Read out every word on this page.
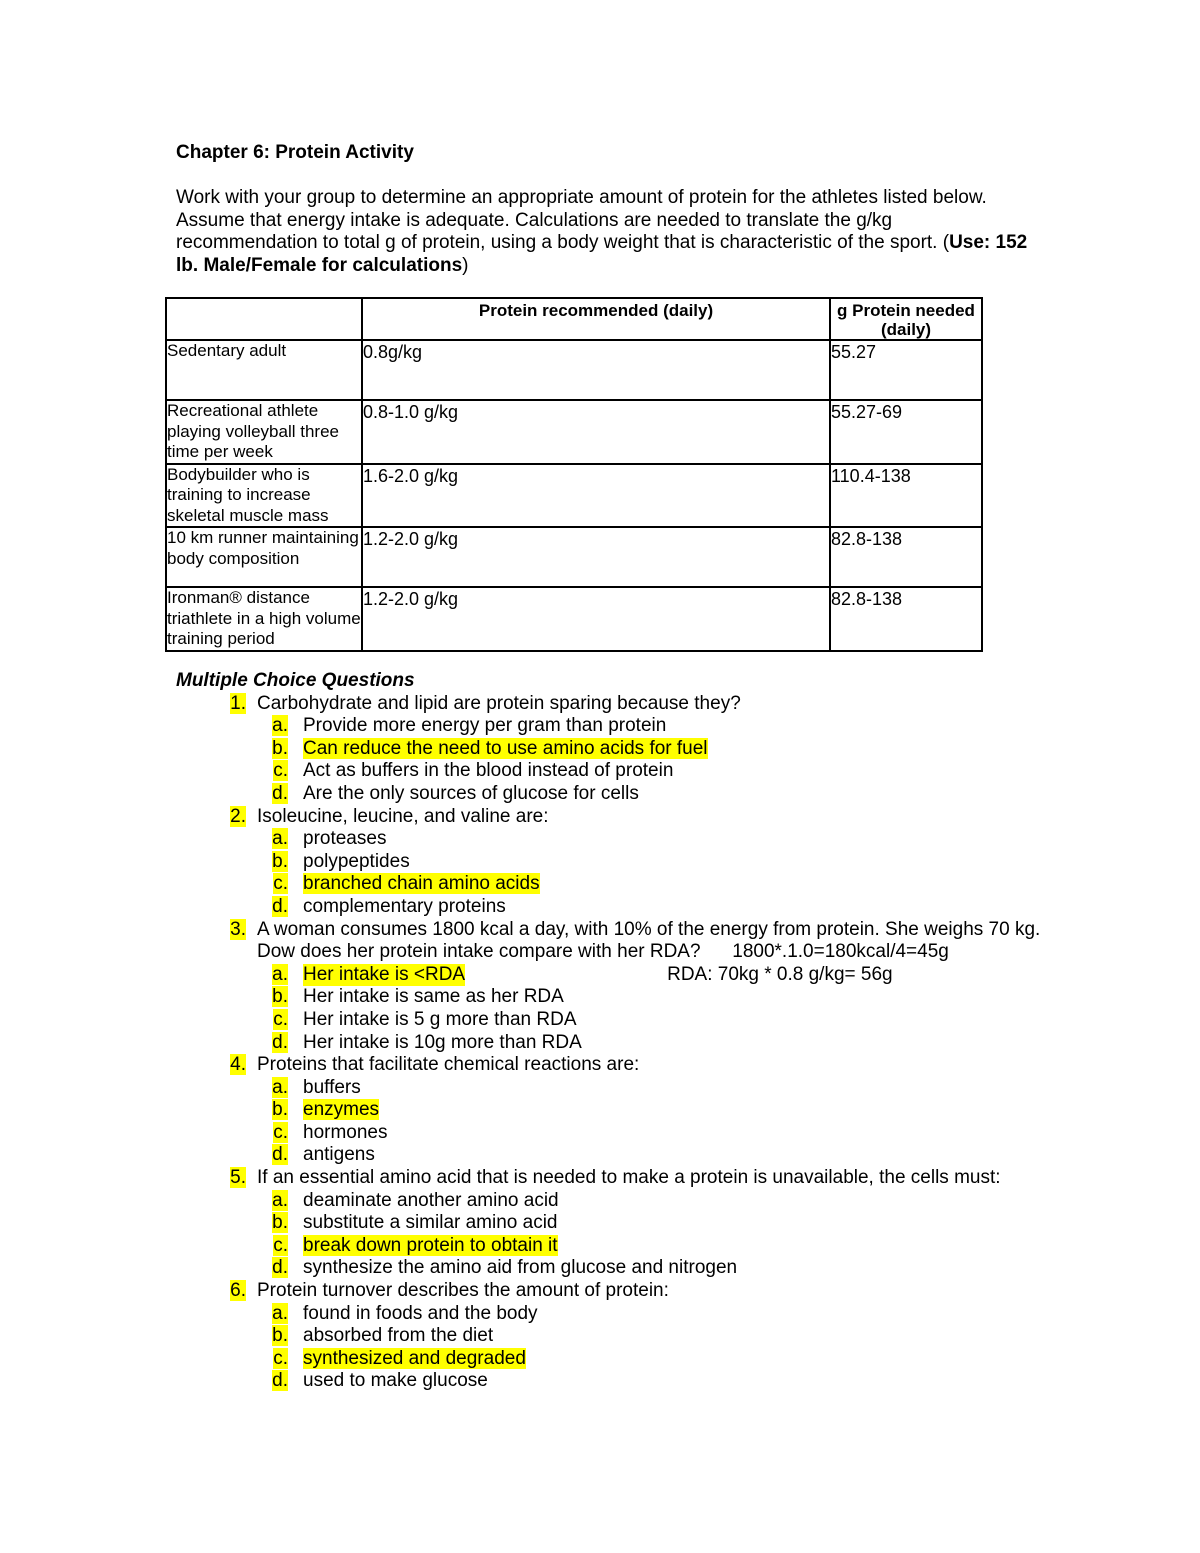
Chapter 6: Protein Activity
Work with your group to determine an appropriate amount of protein for the athletes listed below. Assume that energy intake is adequate. Calculations are needed to translate the g/kg recommendation to total g of protein, using a body weight that is characteristic of the sport. (Use: 152 lb. Male/Female for calculations)
	Protein recommended (daily)	g Protein needed (daily)
Sedentary adult	0.8g/kg	55.27
Recreational athlete playing volleyball three time per week	0.8-1.0 g/kg	55.27-69
Bodybuilder who is training to increase skeletal muscle mass	1.6-2.0 g/kg	110.4-138
10 km runner maintaining body composition	1.2-2.0 g/kg	82.8-138
Ironman® distance triathlete in a high volume training period	1.2-2.0 g/kg	82.8-138
Multiple Choice Questions
1. Carbohydrate and lipid are protein sparing because they?
a. Provide more energy per gram than protein
b. Can reduce the need to use amino acids for fuel
c. Act as buffers in the blood instead of protein
d. Are the only sources of glucose for cells
2. Isoleucine, leucine, and valine are:
a. proteases
b. polypeptides
c. branched chain amino acids
d. complementary proteins
3. A woman consumes 1800 kcal a day, with 10% of the energy from protein. She weighs 70 kg. Dow does her protein intake compare with her RDA? 1800*.1.0=180kcal/4=45g
a. Her intake is <RDA	RDA: 70kg * 0.8 g/kg= 56g
b. Her intake is same as her RDA
c. Her intake is 5 g more than RDA
d. Her intake is 10g more than RDA
4. Proteins that facilitate chemical reactions are:
a. buffers
b. enzymes
c. hormones
d. antigens
5. If an essential amino acid that is needed to make a protein is unavailable, the cells must:
a. deaminate another amino acid
b. substitute a similar amino acid
c. break down protein to obtain it
d. synthesize the amino aid from glucose and nitrogen
6. Protein turnover describes the amount of protein:
a. found in foods and the body
b. absorbed from the diet
c. synthesized and degraded
d. used to make glucose
